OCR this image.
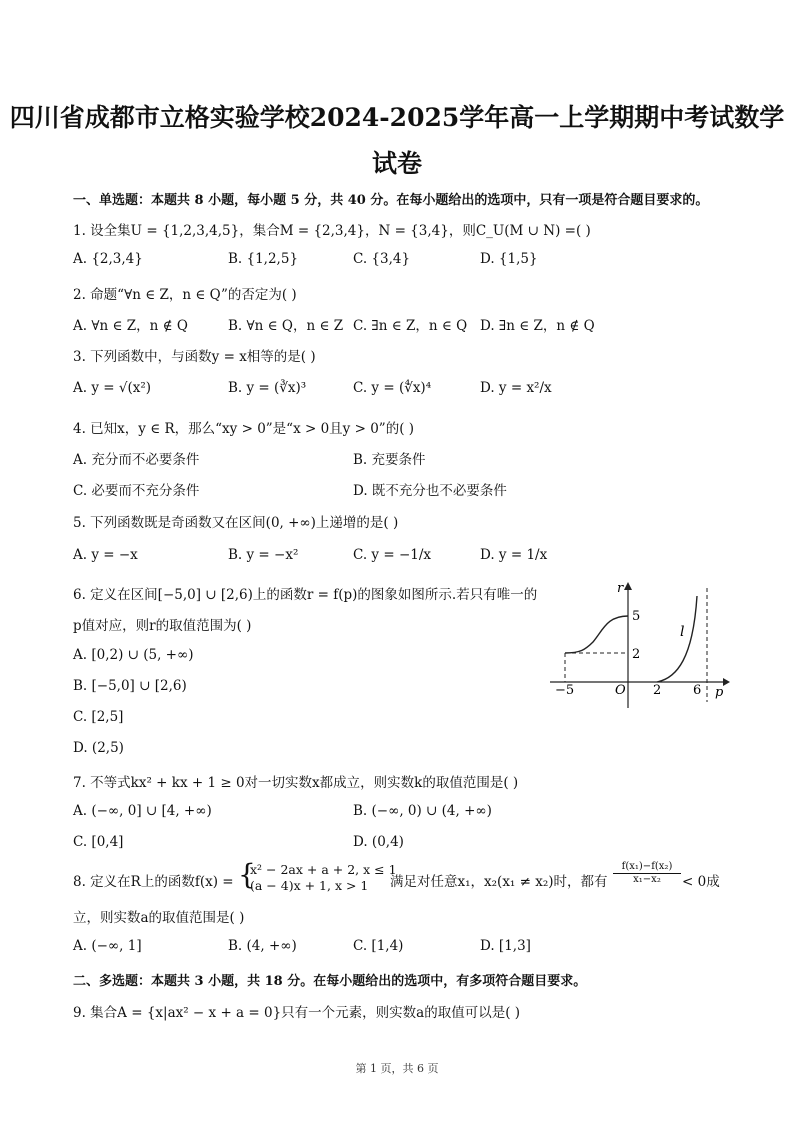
四川省成都市立格实验学校2024-2025学年高一上学期期中考试数学
试卷
一、单选题：本题共 8 小题，每小题 5 分，共 40 分。在每小题给出的选项中，只有一项是符合题目要求的。
1. 设全集U = {1,2,3,4,5}，集合M = {2,3,4}，N = {3,4}，则C_U(M ∪ N) =( )
A. {2,3,4}	B. {1,2,5}	C. {3,4}	D. {1,5}
2. 命题“∀n ∈ Z，n ∈ Q”的否定为( )
A. ∀n ∈ Z，n ∉ Q	B. ∀n ∈ Q，n ∈ Z C. ∃n ∈ Z，n ∈ Q D. ∃n ∈ Z，n ∉ Q
3. 下列函数中，与函数y = x相等的是( )
A. y = √(x²)	B. y = (∛x)³	C. y = (∜x)⁴	D. y = x²/x
4. 已知x，y ∈ R，那么“xy > 0”是“x > 0且y > 0”的( )
A. 充分而不必要条件	B. 充要条件
C. 必要而不充分条件	D. 既不充分也不必要条件
5. 下列函数既是奇函数又在区间(0, +∞)上递增的是( )
A. y = −x	B. y = −x²	C. y = −1/x	D. y = 1/x
6. 定义在区间[−5,0] ∪ [2,6)上的函数r = f(p)的图象如图所示.若只有唯一的
p值对应，则r的取值范围为( )
A. [0,2) ∪ (5, +∞)
B. [−5,0] ∪ [2,6)
C. [2,5]
D. (2,5)
r
p
O
−5	2 6
5
2
l
7. 不等式kx² + kx + 1 ≥ 0对一切实数x都成立，则实数k的取值范围是( )
A. (−∞, 0] ∪ [4, +∞)	B. (−∞, 0) ∪ (4, +∞)
C. [0,4]	D. (0,4)
8. 定义在R上的函数f(x) = {
x² − 2ax + a + 2, x ≤ 1
(a − 4)x + 1, x > 1 满足对任意x₁，x₂(x₁ ≠ x₂)时，都有 $\frac{\text{f(x₁)−f(x₂)}}{\text{x₁−x₂}} < 0$成
立，则实数a的取值范围是( )
A. (−∞, 1]	B. (4, +∞)	C. [1,4)	D. [1,3]
二、多选题：本题共 3 小题，共 18 分。在每小题给出的选项中，有多项符合题目要求。
9. 集合A = {x|ax² − x + a = 0}只有一个元素，则实数a的取值可以是( )
第 1 页，共 6 页
